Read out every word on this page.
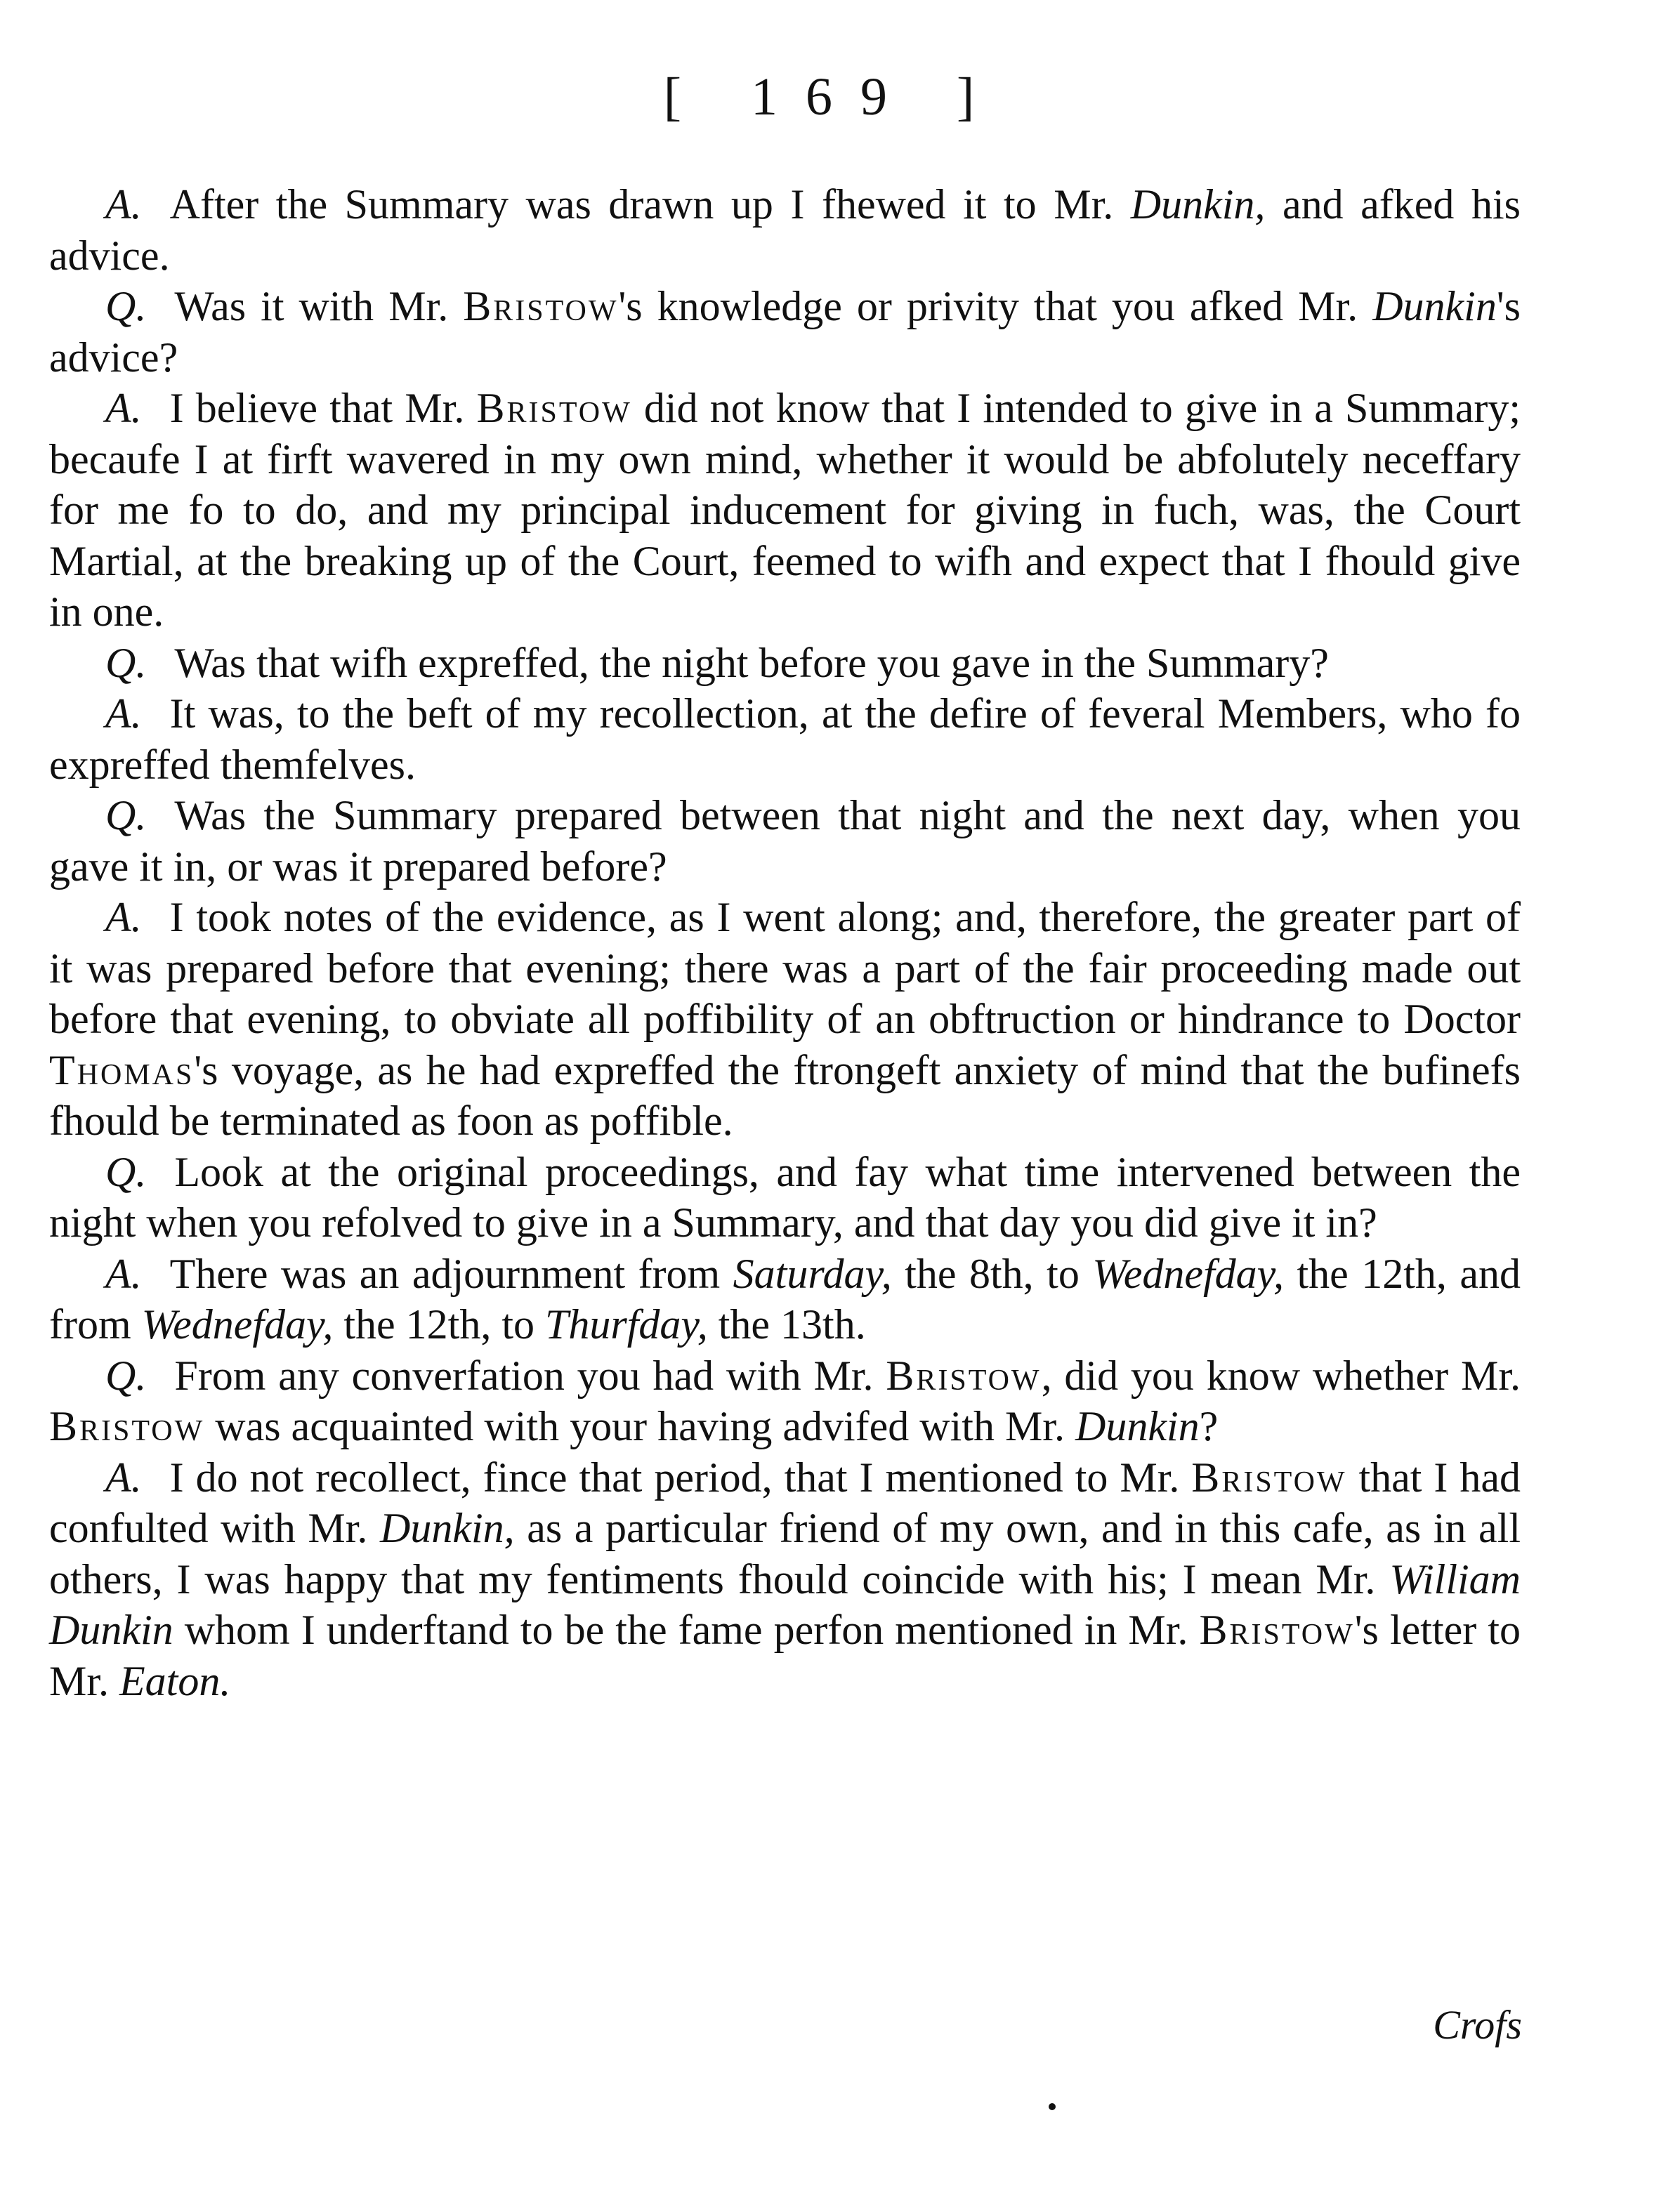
[ 169 ]

A. After the Summary was drawn up I fhewed it to Mr. Dunkin, and afked his advice.

Q. Was it with Mr. Bristow's knowledge or privity that you afked Mr. Dunkin's advice?

A. I believe that Mr. Bristow did not know that I intended to give in a Summary; becaufe I at firft wavered in my own mind, whether it would be abfolutely neceffary for me fo to do, and my principal inducement for giving in fuch, was, the Court Martial, at the breaking up of the Court, feemed to wifh and expect that I fhould give in one.

Q. Was that wifh expreffed, the night before you gave in the Summary?

A. It was, to the beft of my recollection, at the defire of feveral Members, who fo expreffed themfelves.

Q. Was the Summary prepared between that night and the next day, when you gave it in, or was it prepared before?

A. I took notes of the evidence, as I went along; and, therefore, the greater part of it was prepared before that evening; there was a part of the fair proceeding made out before that evening, to obviate all poffibility of an obftruction or hindrance to Doctor Thomas's voyage, as he had expreffed the ftrongeft anxiety of mind that the bufinefs fhould be terminated as foon as poffible.

Q. Look at the original proceedings, and fay what time intervened between the night when you refolved to give in a Summary, and that day you did give it in?

A. There was an adjournment from Saturday, the 8th, to Wednefday, the 12th, and from Wednefday, the 12th, to Thurfday, the 13th.

Q. From any converfation you had with Mr. Bristow, did you know whether Mr. Bristow was acquainted with your having advifed with Mr. Dunkin?

A. I do not recollect, fince that period, that I mentioned to Mr. Bristow that I had confulted with Mr. Dunkin, as a particular friend of my own, and in this cafe, as in all others, I was happy that my fentiments fhould coincide with his; I mean Mr. William Dunkin whom I underftand to be the fame perfon mentioned in Mr. Bristow's letter to Mr. Eaton.

Crofs
